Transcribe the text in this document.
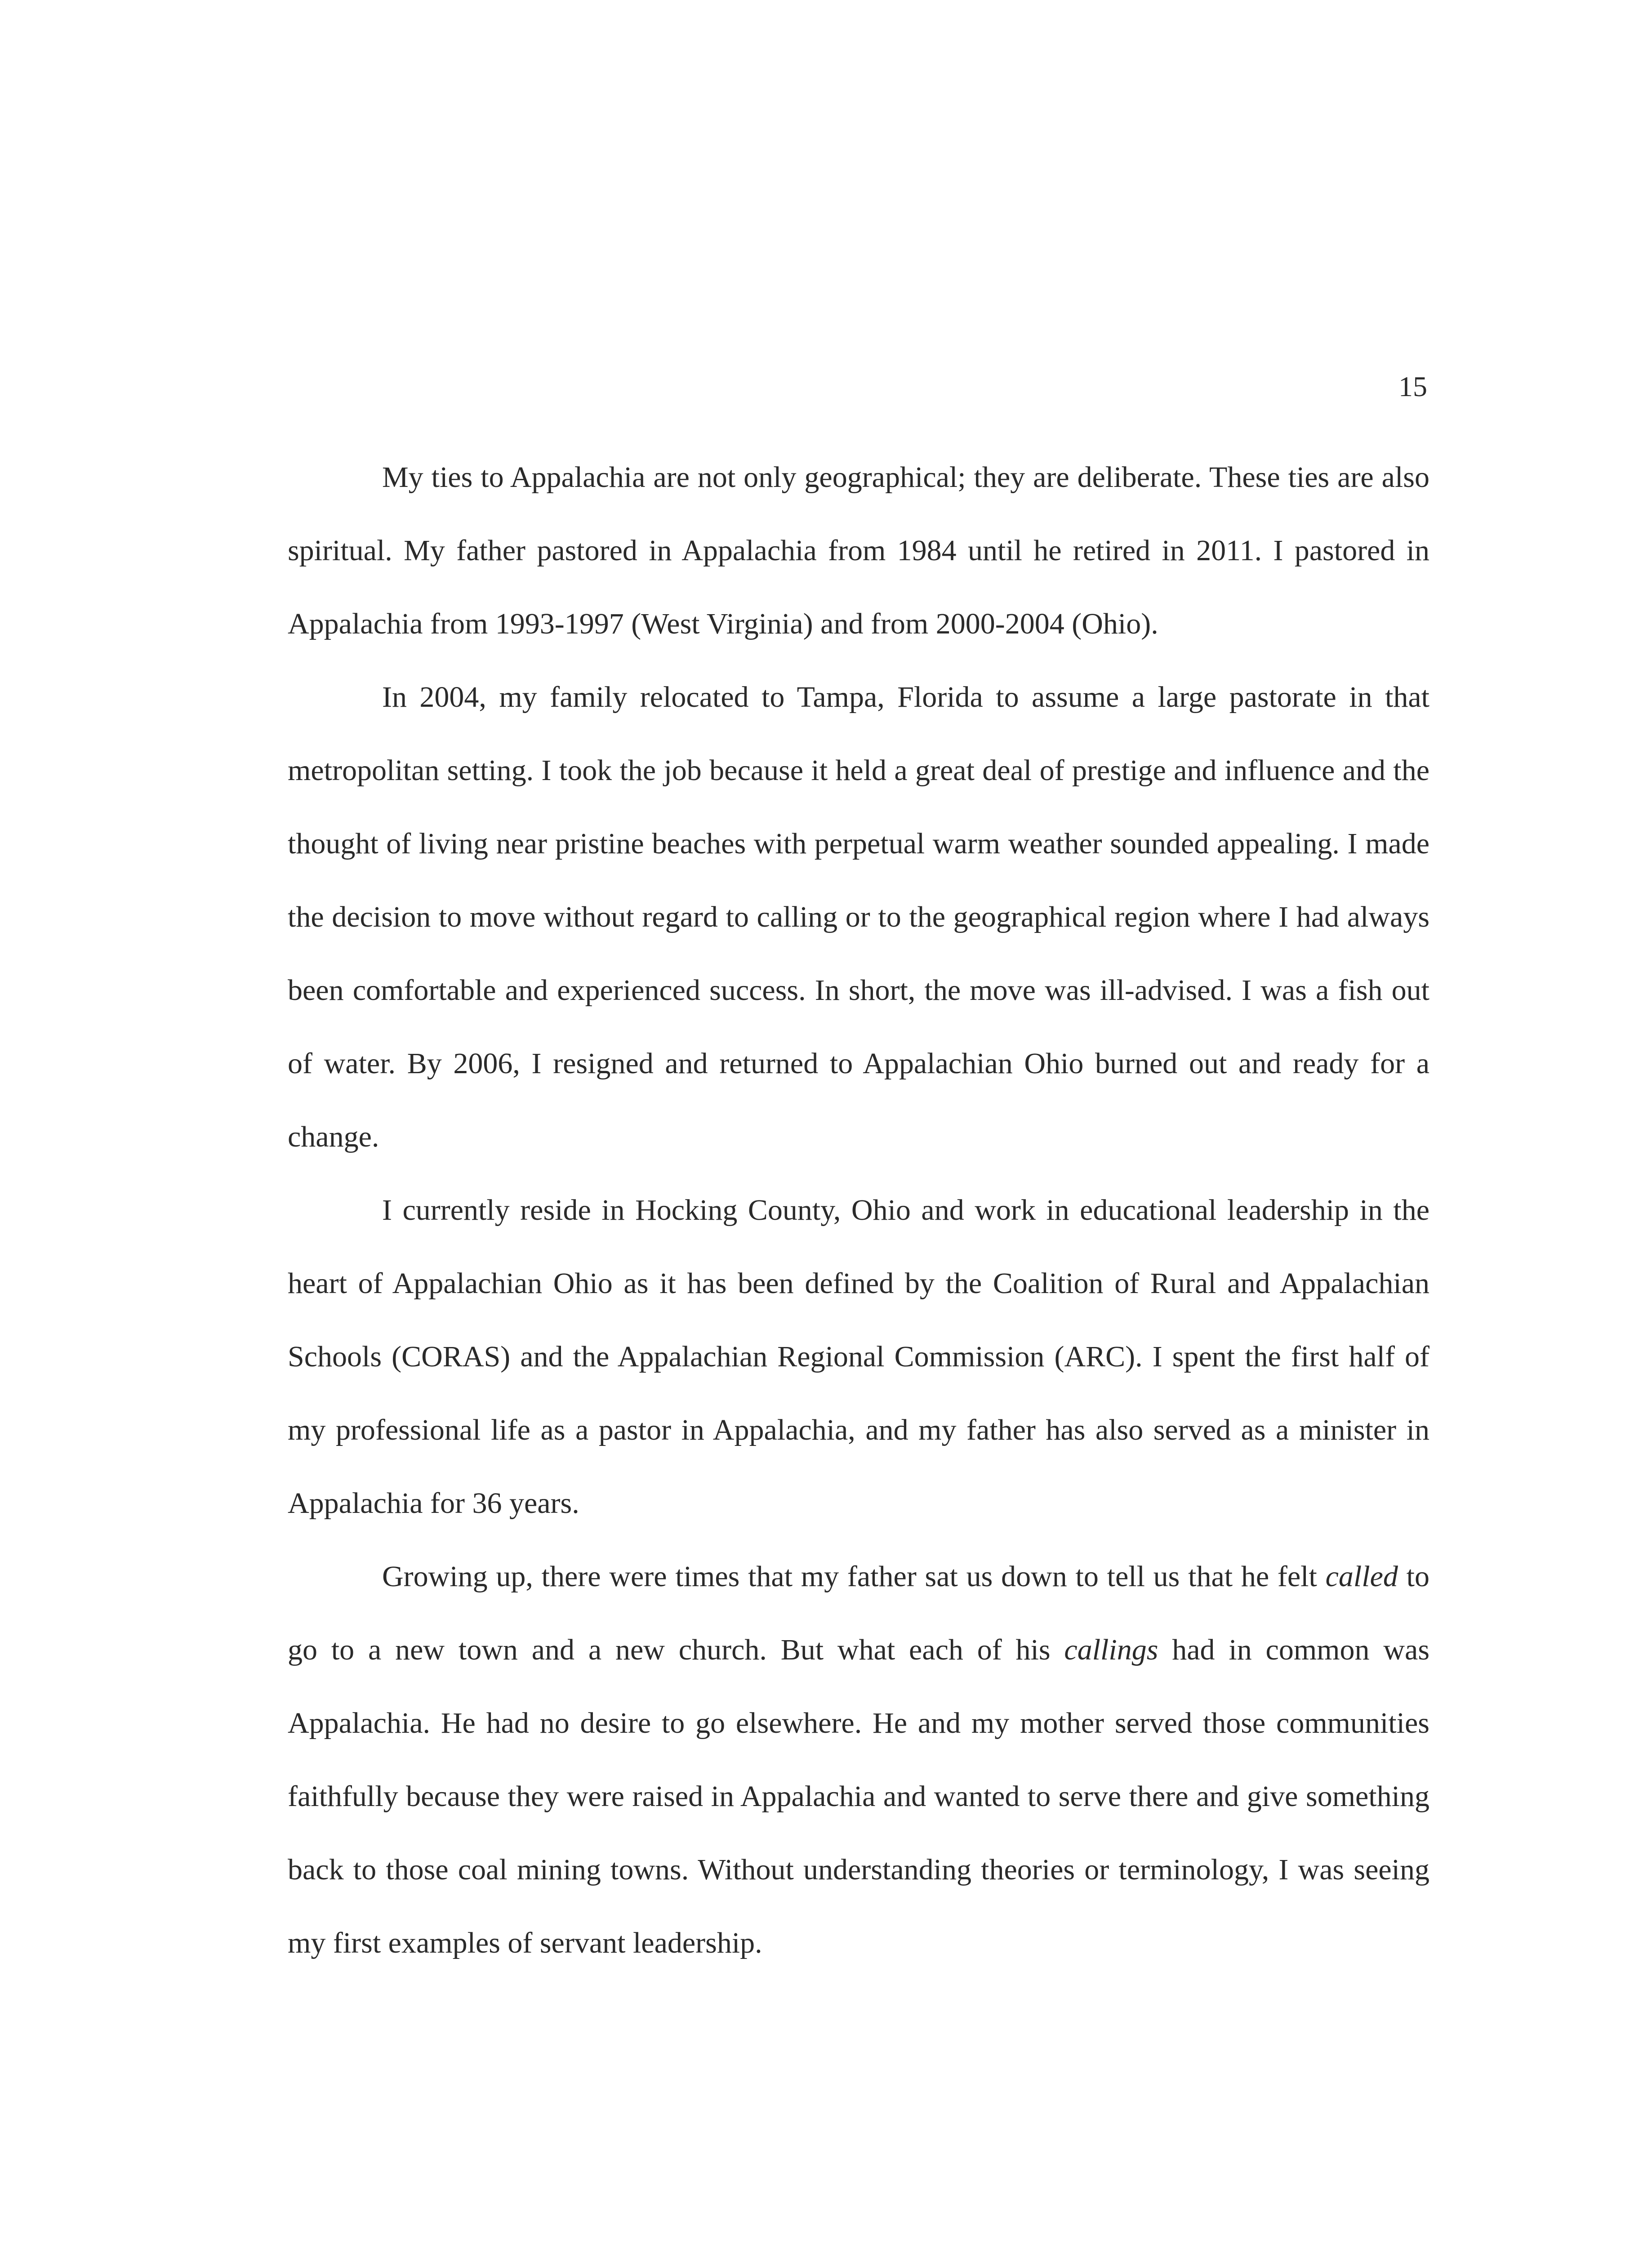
15

My ties to Appalachia are not only geographical; they are deliberate. These ties are also spiritual. My father pastored in Appalachia from 1984 until he retired in 2011. I pastored in Appalachia from 1993-1997 (West Virginia) and from 2000-2004 (Ohio).

In 2004, my family relocated to Tampa, Florida to assume a large pastorate in that metropolitan setting. I took the job because it held a great deal of prestige and influence and the thought of living near pristine beaches with perpetual warm weather sounded appealing. I made the decision to move without regard to calling or to the geographical region where I had always been comfortable and experienced success. In short, the move was ill-advised. I was a fish out of water. By 2006, I resigned and returned to Appalachian Ohio burned out and ready for a change.

I currently reside in Hocking County, Ohio and work in educational leadership in the heart of Appalachian Ohio as it has been defined by the Coalition of Rural and Appalachian Schools (CORAS) and the Appalachian Regional Commission (ARC). I spent the first half of my professional life as a pastor in Appalachia, and my father has also served as a minister in Appalachia for 36 years.

Growing up, there were times that my father sat us down to tell us that he felt called to go to a new town and a new church. But what each of his callings had in common was Appalachia. He had no desire to go elsewhere. He and my mother served those communities faithfully because they were raised in Appalachia and wanted to serve there and give something back to those coal mining towns. Without understanding theories or terminology, I was seeing my first examples of servant leadership.
